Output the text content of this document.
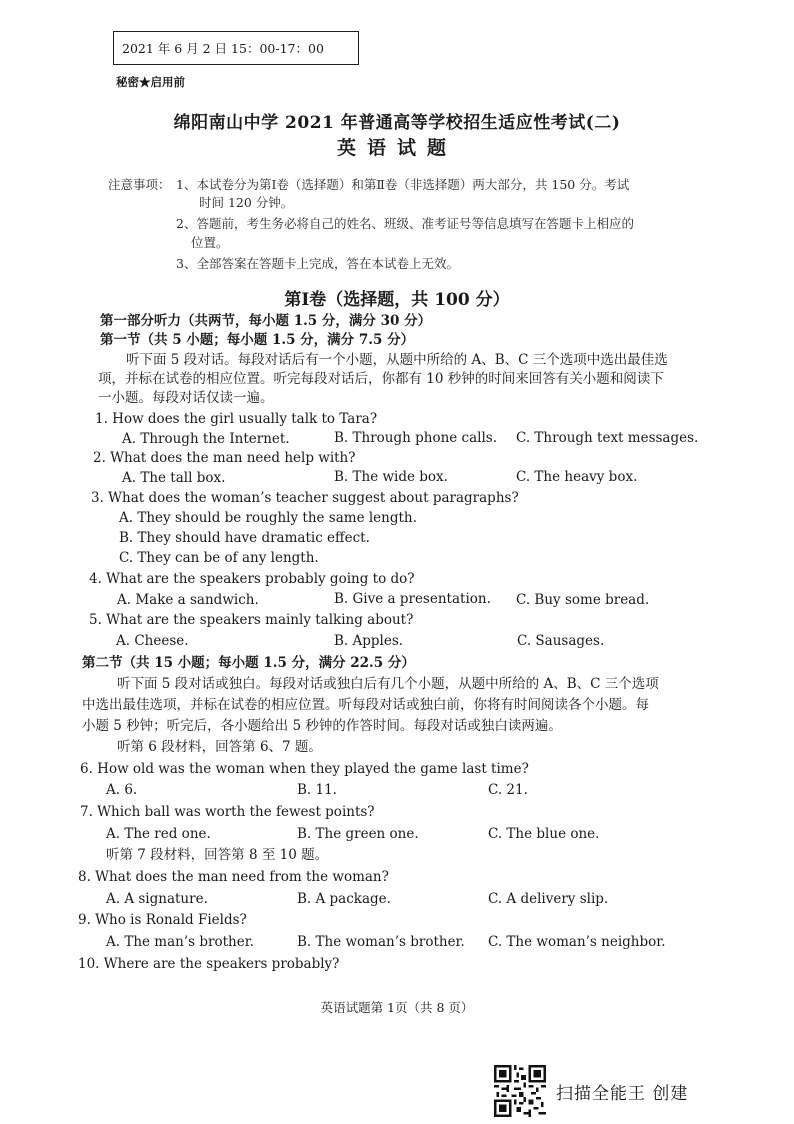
2021 年 6 月 2 日 15：00-17：00
秘密★启用前
绵阳南山中学 2021 年普通高等学校招生适应性考试(二)
英语试题
注意事项： 1、本试卷分为第Ⅰ卷（选择题）和第Ⅱ卷（非选择题）两大部分，共 150 分。考试
时间 120 分钟。
2、答题前，考生务必将自己的姓名、班级、准考证号等信息填写在答题卡上相应的
位置。
3、全部答案在答题卡上完成，答在本试卷上无效。
第Ⅰ卷（选择题，共 100 分）
第一部分听力（共两节，每小题 1.5 分，满分 30 分）
第一节（共 5 小题；每小题 1.5 分，满分 7.5 分）
听下面 5 段对话。每段对话后有一个小题，从题中所给的 A、B、C 三个选项中选出最佳选
项，并标在试卷的相应位置。听完每段对话后，你都有 10 秒钟的时间来回答有关小题和阅读下
一小题。每段对话仅读一遍。
1. How does the girl usually talk to Tara?
A. Through the Internet.	B. Through phone calls. C. Through text messages.
2. What does the man need help with?
A. The tall box.	B. The wide box.	C. The heavy box.
3. What does the woman’s teacher suggest about paragraphs?
A. They should be roughly the same length.
B. They should have dramatic effect.
C. They can be of any length.
4. What are the speakers probably going to do?
A. Make a sandwich.	B. Give a presentation. C. Buy some bread.
5. What are the speakers mainly talking about?
A. Cheese.	B. Apples.	C. Sausages.
第二节（共 15 小题；每小题 1.5 分，满分 22.5 分）
听下面 5 段对话或独白。每段对话或独白后有几个小题，从题中所给的 A、B、C 三个选项
中选出最佳选项，并标在试卷的相应位置。听每段对话或独白前，你将有时间阅读各个小题。每
小题 5 秒钟；听完后，各小题给出 5 秒钟的作答时间。每段对话或独白读两遍。
听第 6 段材料，回答第 6、7 题。
6. How old was the woman when they played the game last time?
A. 6.	B. 11.	C. 21.
7. Which ball was worth the fewest points?
A. The red one.	B. The green one.	C. The blue one.
听第 7 段材料，回答第 8 至 10 题。
8. What does the man need from the woman?
A. A signature.	B. A package.	C. A delivery slip.
9. Who is Ronald Fields?
A. The man’s brother.	B. The woman’s brother. C. The woman’s neighbor.
10. Where are the speakers probably?
英语试题第 1页（共 8 页）
扫描全能王 创建
